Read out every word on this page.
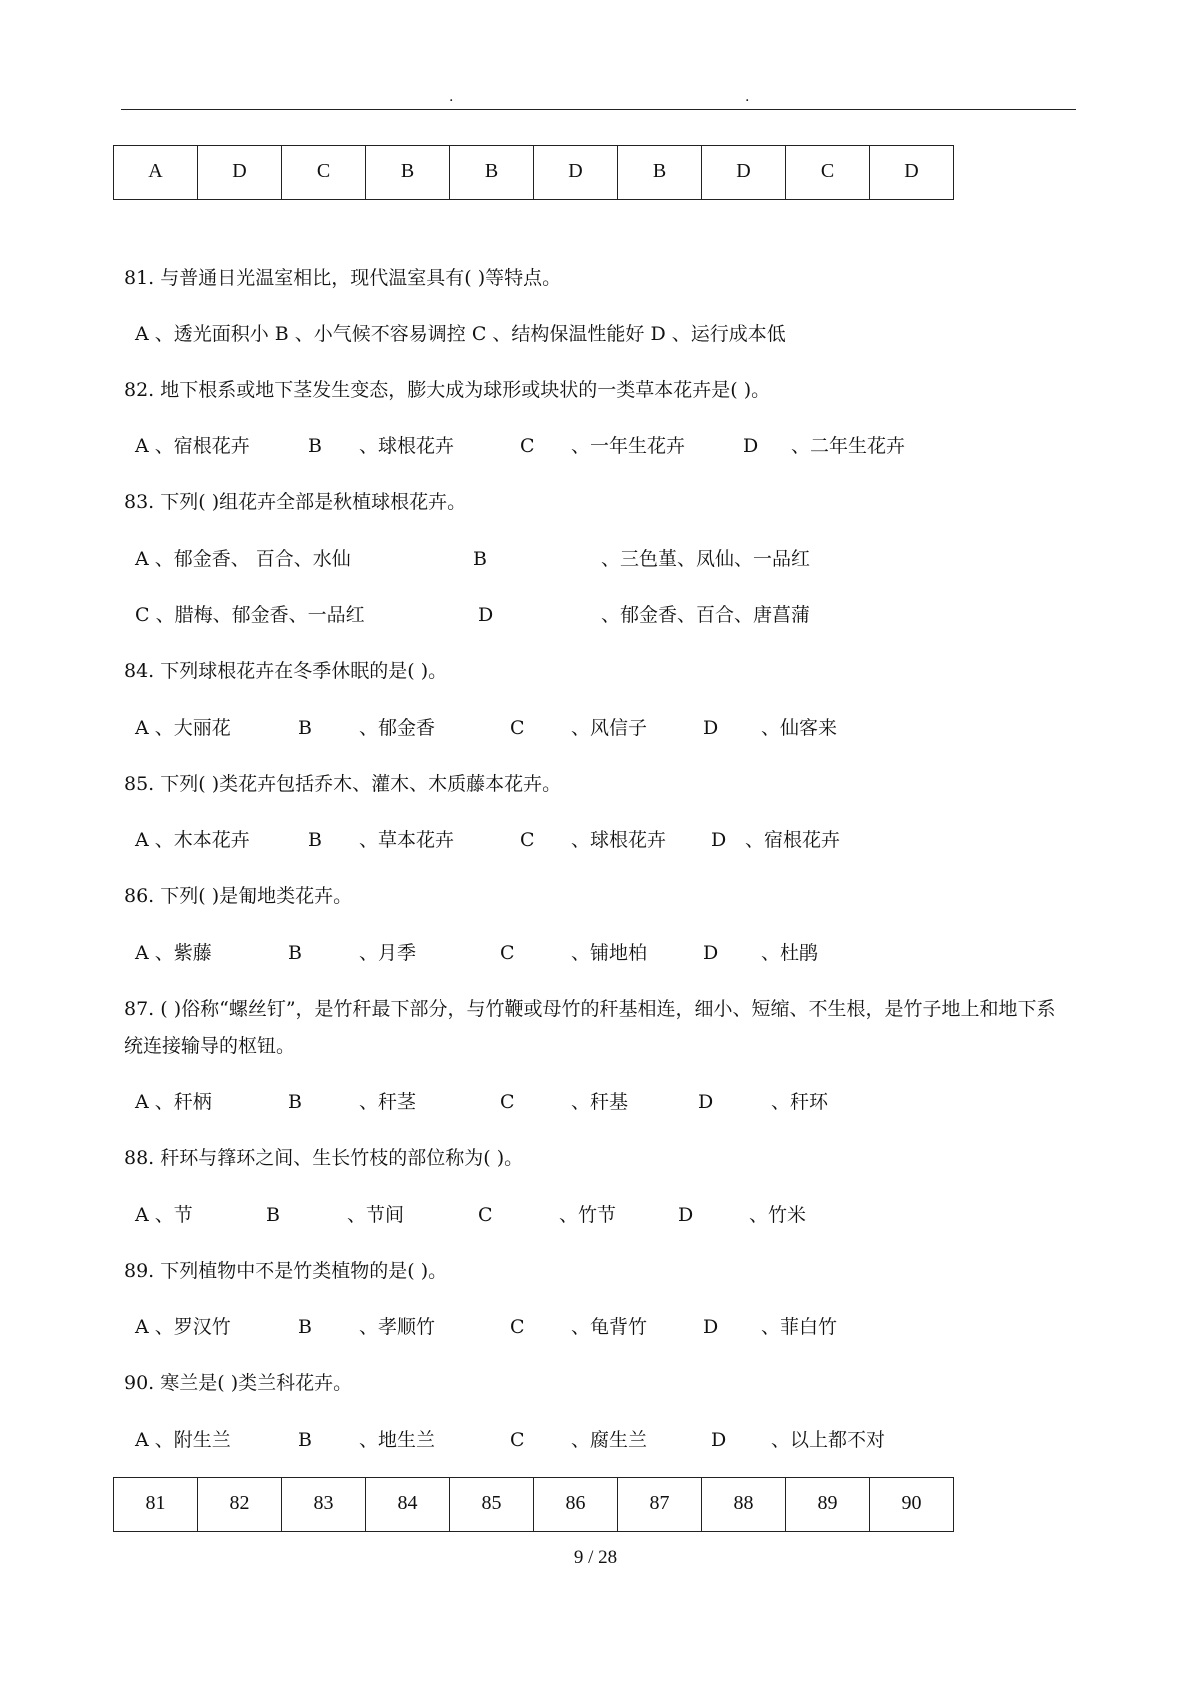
.	.
A	D	C	B	B	D	B	D	C	D
81. 与普通日光温室相比，现代温室具有( )等特点。
A 、透光面积小 B 、小气候不容易调控 C 、结构保温性能好 D 、运行成本低
82. 地下根系或地下茎发生变态，膨大成为球形或块状的一类草本花卉是( )。
A 、宿根花卉	B 、球根花卉	C 、一年生花卉	D 、二年生花卉
83. 下列( )组花卉全部是秋植球根花卉。
A 、郁金香、 百合、水仙	B	、三色堇、凤仙、一品红
C 、腊梅、郁金香、一品红	D	、郁金香、百合、唐菖蒲
84. 下列球根花卉在冬季休眠的是( )。
A 、大丽花	B 、郁金香	C 、风信子	D 、仙客来
85. 下列( )类花卉包括乔木、灌木、木质藤本花卉。
A 、木本花卉	B 、草本花卉	C 、球根花卉 D 、宿根花卉
86. 下列( )是匍地类花卉。
A 、紫藤	B	、月季	C	、铺地柏	D 、杜鹃
87. ( )俗称“螺丝钉”，是竹秆最下部分，与竹鞭或母竹的秆基相连，细小、短缩、不生根，是竹子地上和地下系统连接输导的枢钮。
A 、秆柄	B	、秆茎	C	、秆基	D	、秆环
88. 秆环与箨环之间、生长竹枝的部位称为( )。
A 、节	B	、节间	C	、竹节	D	、竹米
89. 下列植物中不是竹类植物的是( )。
A 、罗汉竹	B 、孝顺竹	C 、龟背竹	D 、菲白竹
90. 寒兰是( )类兰科花卉。
A 、附生兰	B 、地生兰	C 、腐生兰	D 、以上都不对
81	82	83	84	85	86	87	88	89	90
9 / 28
